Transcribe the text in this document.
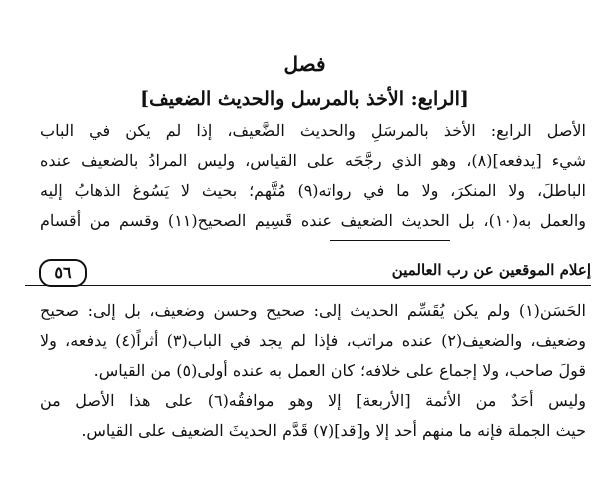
فصل
[الرابع: الأخذ بالمرسل والحديث الضعيف]
الأصل الرابع: الأخذ بالمرسَلِ والحديث الضَّعيف، إذا لم يكن في الباب
شيء [يدفعه](٨)، وهو الذي رجَّحَه على القياس، وليس المرادُ بالضعيف عنده
الباطلَ، ولا المنكرَ، ولا ما في رواته(٩) مُتَّهم؛ بحيث لا يَسُوغ الذهابُ إليه
والعمل به(١٠)، بل الحديث الضعيف عنده قَسِيم الصحيح(١١) وقسم من أقسام
إعلام الموقعين عن رب العالمين
٥٦
الحَسَن(١) ولم يكن يُقَسِّم الحديث إلى: صحيح وحسن وضعيف، بل إلى: صحيح
وضعيف، والضعيف(٢) عنده مراتب، فإذا لم يجد في الباب(٣) أثراً(٤) يدفعه، ولا
قولَ صاحب، ولا إجماع على خلافه؛ كان العمل به عنده أولى(٥) من القياس.
وليس أحَدٌ من الأئمة [الأربعة] إلا وهو موافقُه(٦) على هذا الأصل من
حيث الجملة فإنه ما منهم أحد إلا و[قد](٧) قَدَّم الحديثَ الضعيف على القياس.
